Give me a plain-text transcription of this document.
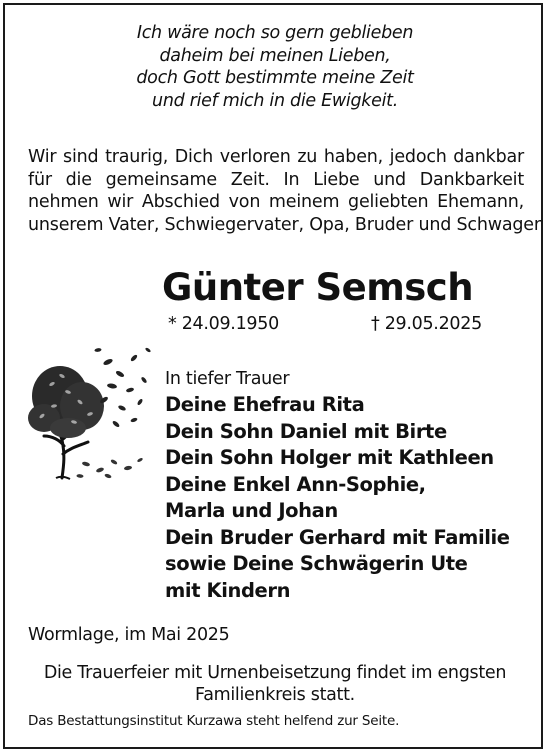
Ich wäre noch so gern geblieben
daheim bei meinen Lieben,
doch Gott bestimmte meine Zeit
und rief mich in die Ewigkeit.
Wir sind traurig, Dich verloren zu haben, jedoch dankbar
für die gemeinsame Zeit. In Liebe und Dankbarkeit
nehmen wir Abschied von meinem geliebten Ehemann,
unserem Vater, Schwiegervater, Opa, Bruder und Schwager
Günter Semsch
* 24.09.1950	† 29.05.2025
In tiefer Trauer
Deine Ehefrau Rita
Dein Sohn Daniel mit Birte
Dein Sohn Holger mit Kathleen
Deine Enkel Ann-Sophie,
Marla und Johan
Dein Bruder Gerhard mit Familie
sowie Deine Schwägerin Ute
mit Kindern
Wormlage, im Mai 2025
Die Trauerfeier mit Urnenbeisetzung findet im engsten
Familienkreis statt.
Das Bestattungsinstitut Kurzawa steht helfend zur Seite.
